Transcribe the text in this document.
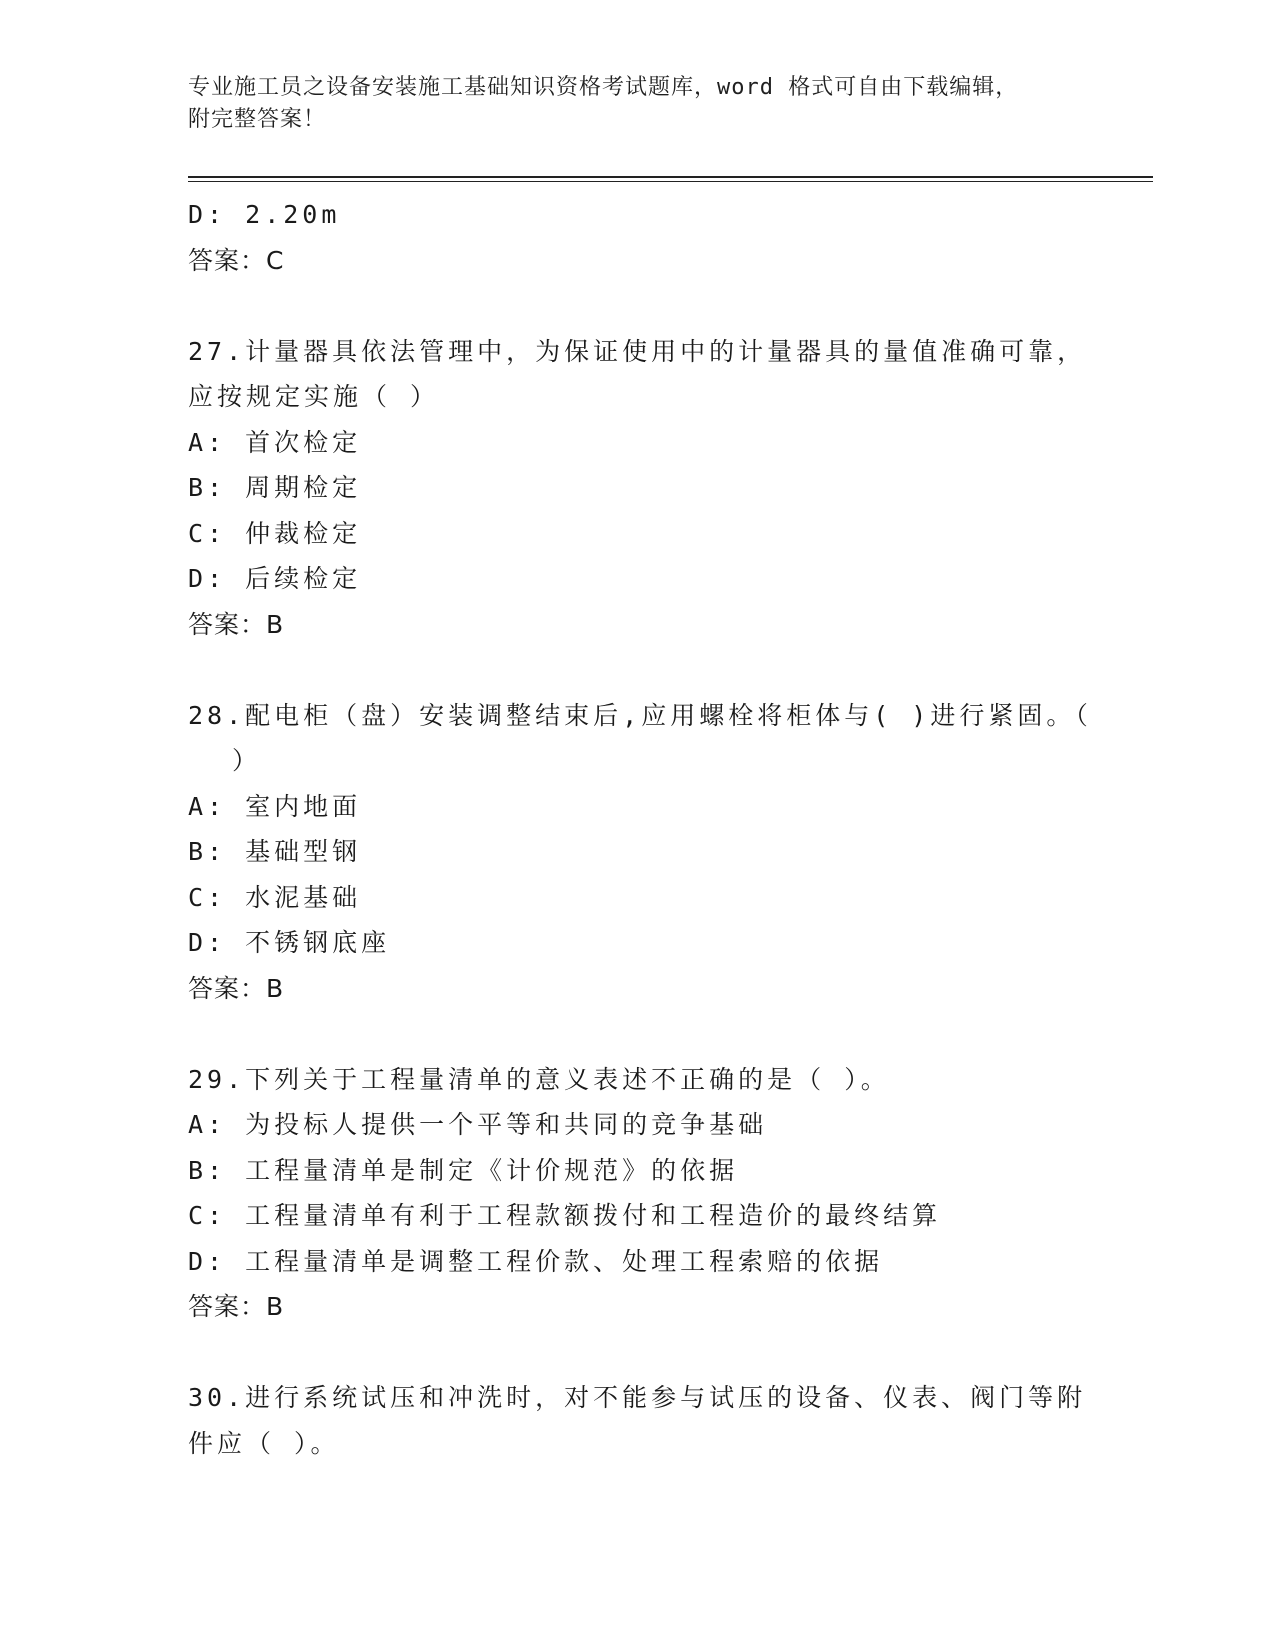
专业施工员之设备安装施工基础知识资格考试题库，word 格式可自由下载编辑，
附完整答案！
D: 2.20m
答案：C
27.计量器具依法管理中，为保证使用中的计量器具的量值准确可靠，
应按规定实施（ ）
A: 首次检定
B: 周期检定
C: 仲裁检定
D: 后续检定
答案：B
28.配电柜（盘）安装调整结束后,应用螺栓将柜体与( )进行紧固。（
）
A: 室内地面
B: 基础型钢
C: 水泥基础
D: 不锈钢底座
答案：B
29.下列关于工程量清单的意义表述不正确的是（ ）。
A: 为投标人提供一个平等和共同的竞争基础
B: 工程量清单是制定《计价规范》的依据
C: 工程量清单有利于工程款额拨付和工程造价的最终结算
D: 工程量清单是调整工程价款、处理工程索赔的依据
答案：B
30.进行系统试压和冲洗时，对不能参与试压的设备、仪表、阀门等附
件应（ ）。
